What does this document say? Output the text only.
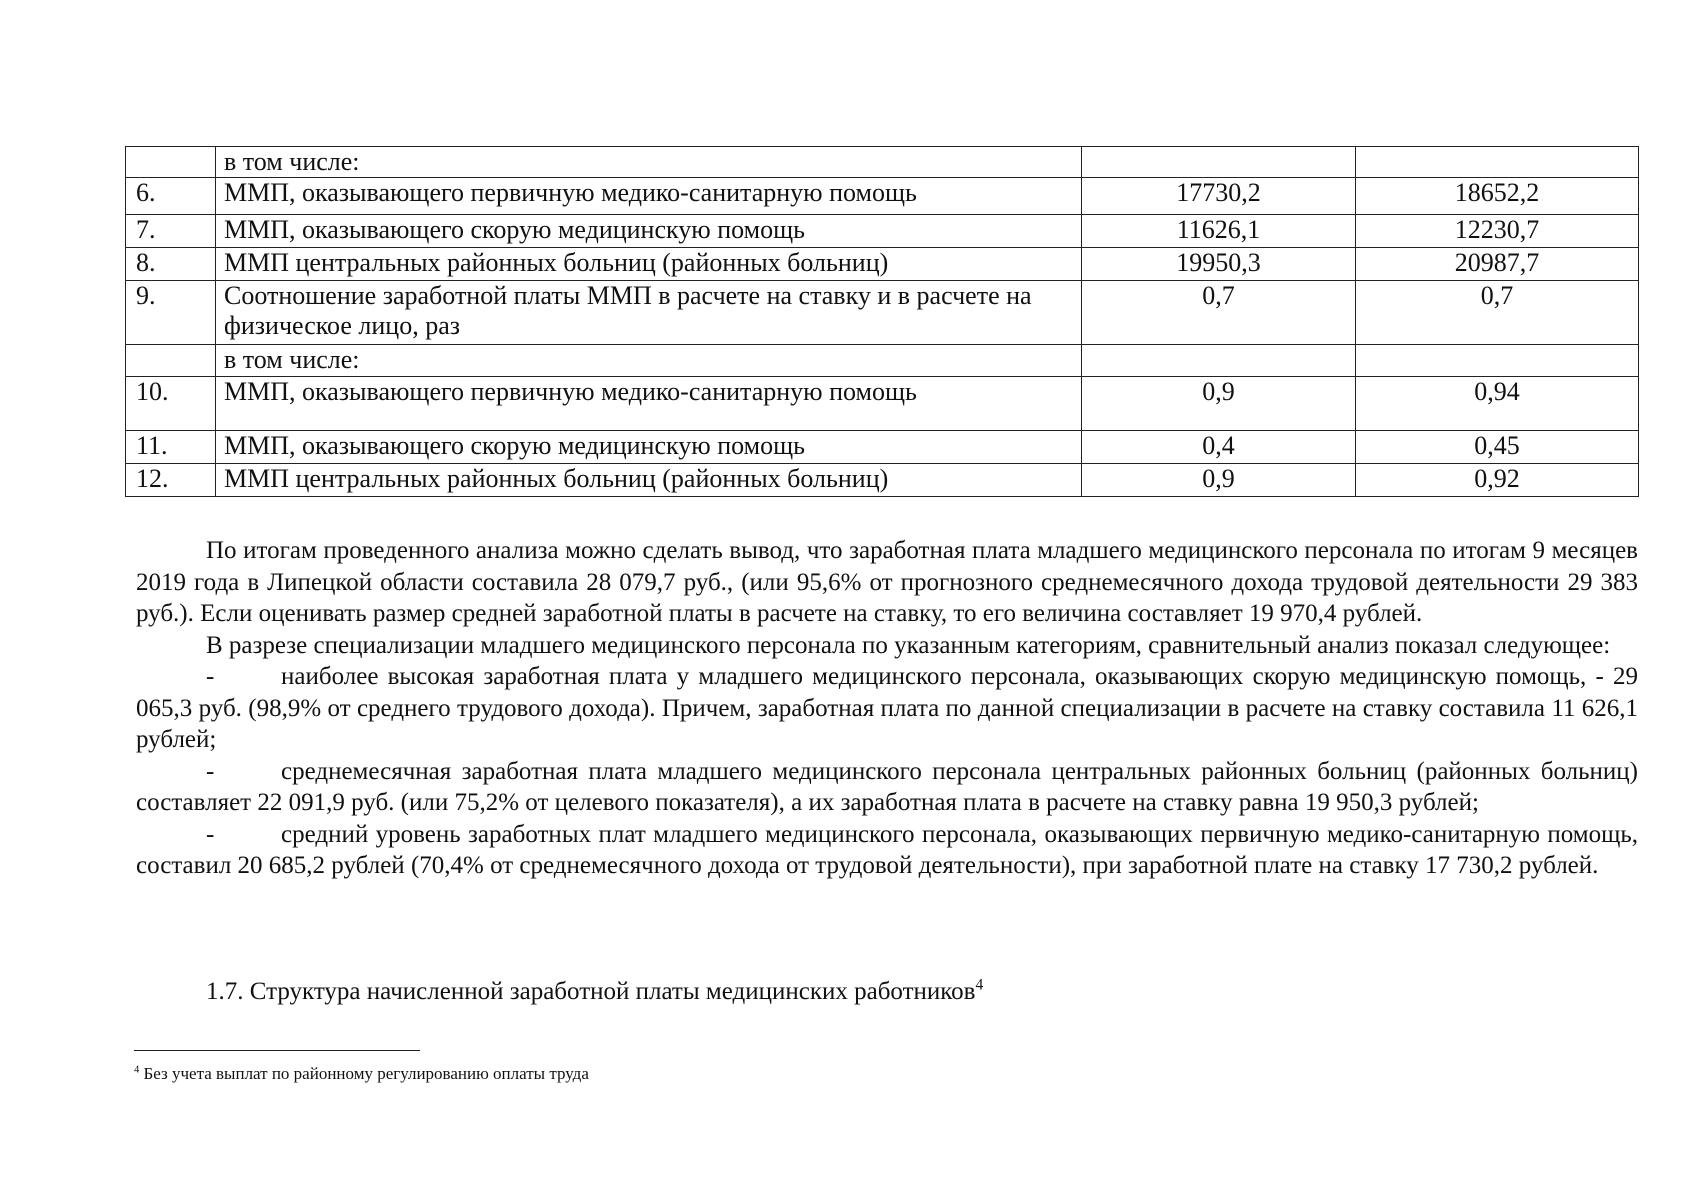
	в том числе:		
6.	ММП, оказывающего первичную медико-санитарную помощь	17730,2	18652,2
7.	ММП, оказывающего скорую медицинскую помощь	11626,1	12230,7
8.	ММП центральных районных больниц (районных больниц)	19950,3	20987,7
9.	Соотношение заработной платы ММП в расчете на ставку и в расчете на физическое лицо, раз	0,7	0,7
	в том числе:		
10.	ММП, оказывающего первичную медико-санитарную помощь	0,9	0,94
11.	ММП, оказывающего скорую медицинскую помощь	0,4	0,45
12.	ММП центральных районных больниц (районных больниц)	0,9	0,92

По итогам проведенного анализа можно сделать вывод, что заработная плата младшего медицинского персонала по итогам 9 месяцев 2019 года в Липецкой области составила 28 079,7 руб., (или 95,6% от прогнозного среднемесячного дохода трудовой деятельности 29 383 руб.). Если оценивать размер средней заработной платы в расчете на ставку, то его величина составляет 19 970,4 рублей.

В разрезе специализации младшего медицинского персонала по указанным категориям, сравнительный анализ показал следующее:

-	наиболее высокая заработная плата у младшего медицинского персонала, оказывающих скорую медицинскую помощь, - 29 065,3 руб. (98,9% от среднего трудового дохода). Причем, заработная плата по данной специализации в расчете на ставку составила 11 626,1 рублей;

-	среднемесячная заработная плата младшего медицинского персонала центральных районных больниц (районных больниц) составляет 22 091,9 руб. (или 75,2% от целевого показателя), а их заработная плата в расчете на ставку равна 19 950,3 рублей;

-	средний уровень заработных плат младшего медицинского персонала, оказывающих первичную медико-санитарную помощь, составил 20 685,2 рублей (70,4% от среднемесячного дохода от трудовой деятельности), при заработной плате на ставку 17 730,2 рублей.

1.7. Структура начисленной заработной платы медицинских работников$^4$
$^4$ Без учета выплат по районному регулированию оплаты труда
